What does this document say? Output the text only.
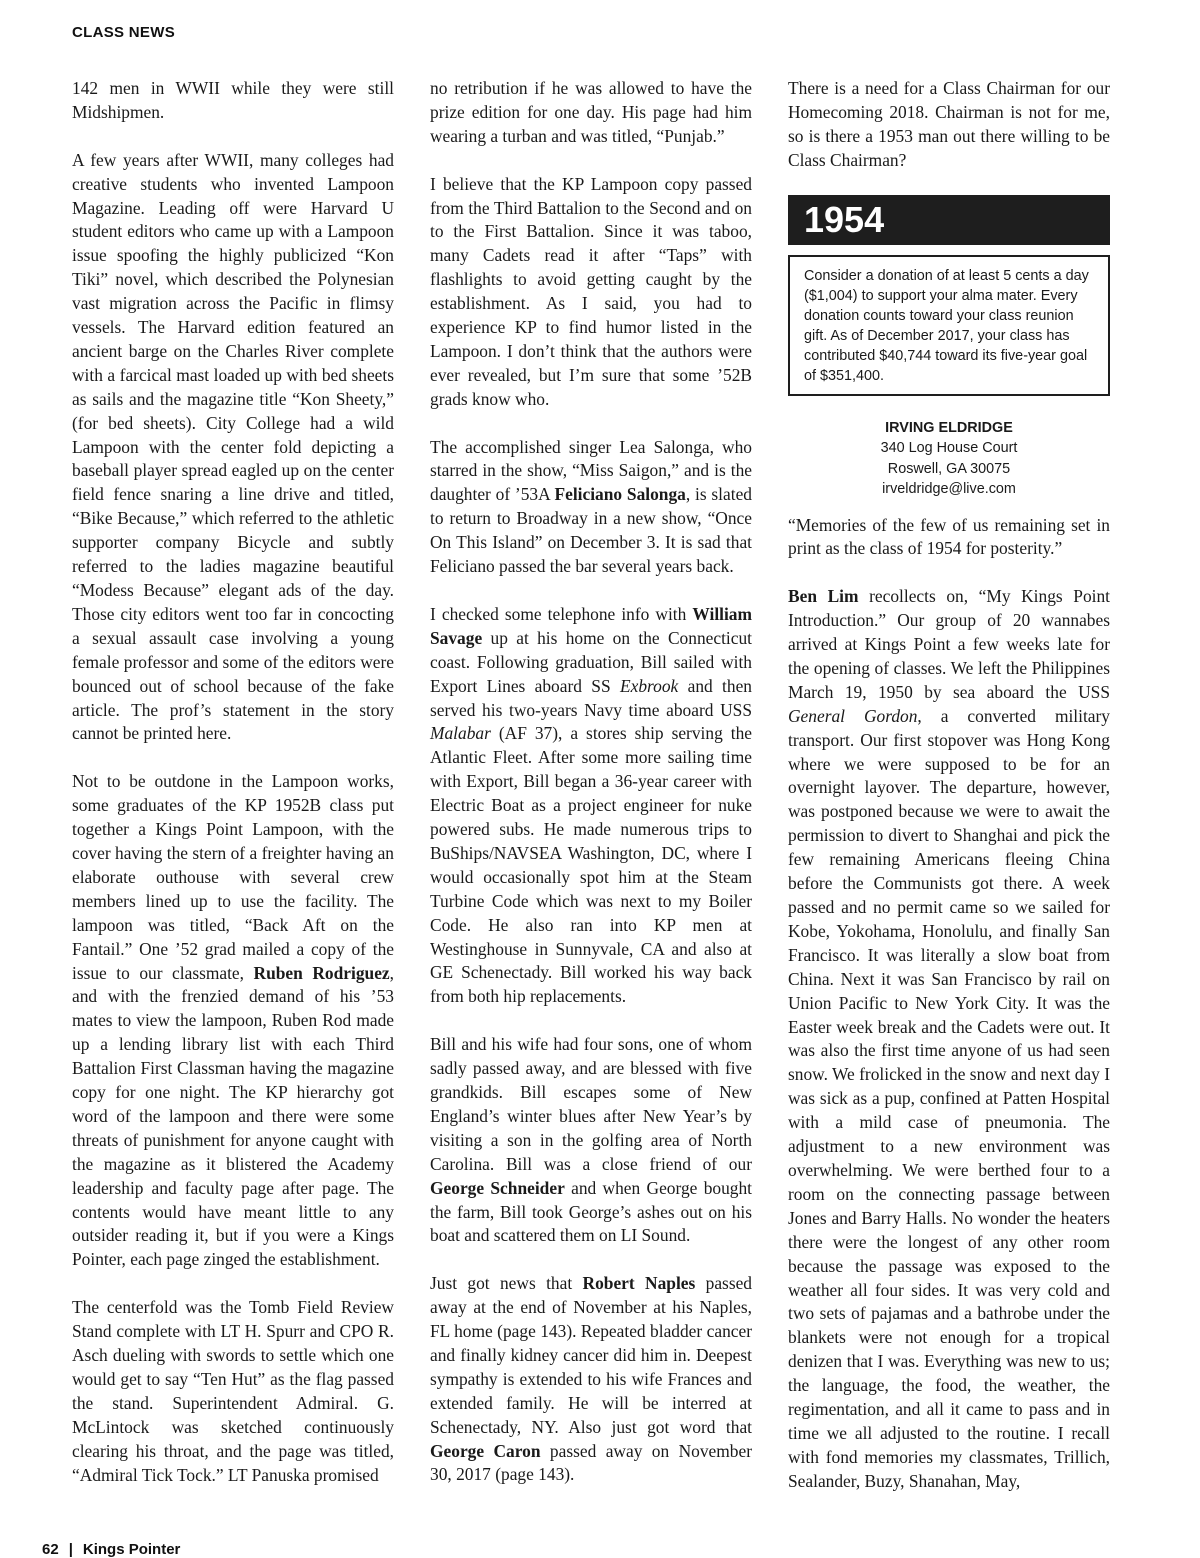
CLASS NEWS

142 men in WWII while they were still Midshipmen.

A few years after WWII, many colleges had creative students who invented Lampoon Magazine. Leading off were Harvard U student editors who came up with a Lampoon issue spoofing the highly publicized “Kon Tiki” novel, which described the Polynesian vast migration across the Pacific in flimsy vessels. The Harvard edition featured an ancient barge on the Charles River complete with a farcical mast loaded up with bed sheets as sails and the magazine title “Kon Sheety,” (for bed sheets). City College had a wild Lampoon with the center fold depicting a baseball player spread eagled up on the center field fence snaring a line drive and titled, “Bike Because,” which referred to the athletic supporter company Bicycle and subtly referred to the ladies magazine beautiful “Modess Because” elegant ads of the day. Those city editors went too far in concocting a sexual assault case involving a young female professor and some of the editors were bounced out of school because of the fake article. The prof’s statement in the story cannot be printed here.

Not to be outdone in the Lampoon works, some graduates of the KP 1952B class put together a Kings Point Lampoon, with the cover having the stern of a freighter having an elaborate outhouse with several crew members lined up to use the facility. The lampoon was titled, “Back Aft on the Fantail.” One ’52 grad mailed a copy of the issue to our classmate, Ruben Rodriguez, and with the frenzied demand of his ’53 mates to view the lampoon, Ruben Rod made up a lending library list with each Third Battalion First Classman having the magazine copy for one night. The KP hierarchy got word of the lampoon and there were some threats of punishment for anyone caught with the magazine as it blistered the Academy leadership and faculty page after page. The contents would have meant little to any outsider reading it, but if you were a Kings Pointer, each page zinged the establishment.

The centerfold was the Tomb Field Review Stand complete with LT H. Spurr and CPO R. Asch dueling with swords to settle which one would get to say “Ten Hut” as the flag passed the stand. Superintendent Admiral. G. McLintock was sketched continuously clearing his throat, and the page was titled, “Admiral Tick Tock.” LT Panuska promised

no retribution if he was allowed to have the prize edition for one day. His page had him wearing a turban and was titled, “Punjab.”

I believe that the KP Lampoon copy passed from the Third Battalion to the Second and on to the First Battalion. Since it was taboo, many Cadets read it after “Taps” with flashlights to avoid getting caught by the establishment. As I said, you had to experience KP to find humor listed in the Lampoon. I don’t think that the authors were ever revealed, but I’m sure that some ’52B grads know who.

The accomplished singer Lea Salonga, who starred in the show, “Miss Saigon,” and is the daughter of ’53A Feliciano Salonga, is slated to return to Broadway in a new show, “Once On This Island” on December 3. It is sad that Feliciano passed the bar several years back.

I checked some telephone info with William Savage up at his home on the Connecticut coast. Following graduation, Bill sailed with Export Lines aboard SS Exbrook and then served his two-years Navy time aboard USS Malabar (AF 37), a stores ship serving the Atlantic Fleet. After some more sailing time with Export, Bill began a 36-year career with Electric Boat as a project engineer for nuke powered subs. He made numerous trips to BuShips/NAVSEA Washington, DC, where I would occasionally spot him at the Steam Turbine Code which was next to my Boiler Code. He also ran into KP men at Westinghouse in Sunnyvale, CA and also at GE Schenectady. Bill worked his way back from both hip replacements.

Bill and his wife had four sons, one of whom sadly passed away, and are blessed with five grandkids. Bill escapes some of New England’s winter blues after New Year’s by visiting a son in the golfing area of North Carolina. Bill was a close friend of our George Schneider and when George bought the farm, Bill took George’s ashes out on his boat and scattered them on LI Sound.

Just got news that Robert Naples passed away at the end of November at his Naples, FL home (page 143). Repeated bladder cancer and finally kidney cancer did him in. Deepest sympathy is extended to his wife Frances and extended family. He will be interred at Schenectady, NY. Also just got word that George Caron passed away on November 30, 2017 (page 143).

There is a need for a Class Chairman for our Homecoming 2018. Chairman is not for me, so is there a 1953 man out there willing to be Class Chairman?

1954
Consider a donation of at least 5 cents a day ($1,004) to support your alma mater. Every donation counts toward your class reunion gift. As of December 2017, your class has contributed $40,744 toward its five-year goal of $351,400.
IRVING ELDRIDGE
340 Log House Court
Roswell, GA 30075
irveldridge@live.com

“Memories of the few of us remaining set in print as the class of 1954 for posterity.”

Ben Lim recollects on, “My Kings Point Introduction.” Our group of 20 wannabes arrived at Kings Point a few weeks late for the opening of classes. We left the Philippines March 19, 1950 by sea aboard the USS General Gordon, a converted military transport. Our first stopover was Hong Kong where we were supposed to be for an overnight layover. The departure, however, was postponed because we were to await the permission to divert to Shanghai and pick the few remaining Americans fleeing China before the Communists got there. A week passed and no permit came so we sailed for Kobe, Yokohama, Honolulu, and finally San Francisco. It was literally a slow boat from China. Next it was San Francisco by rail on Union Pacific to New York City. It was the Easter week break and the Cadets were out. It was also the first time anyone of us had seen snow. We frolicked in the snow and next day I was sick as a pup, confined at Patten Hospital with a mild case of pneumonia. The adjustment to a new environment was overwhelming. We were berthed four to a room on the connecting passage between Jones and Barry Halls. No wonder the heaters there were the longest of any other room because the passage was exposed to the weather all four sides. It was very cold and two sets of pajamas and a bathrobe under the blankets were not enough for a tropical denizen that I was. Everything was new to us; the language, the food, the weather, the regimentation, and all it came to pass and in time we all adjusted to the routine. I recall with fond memories my classmates, Trillich, Sealander, Buzy, Shanahan, May,

62 | Kings Pointer
